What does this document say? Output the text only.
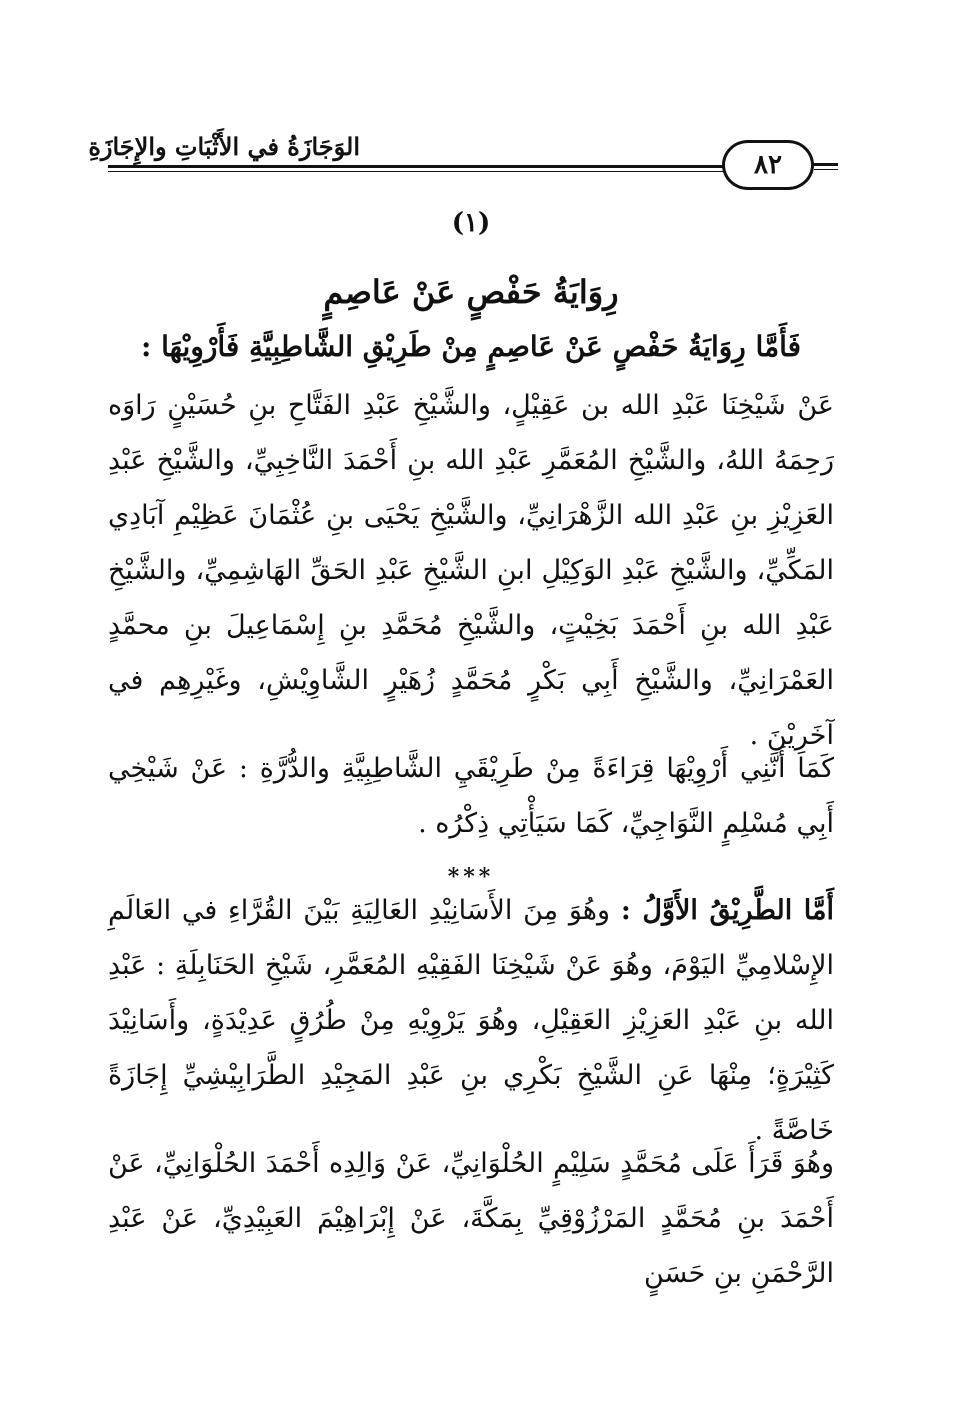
الوَجَازَةُ في الأَثْبَاتِ والإِجَازَةِ
٨٢
(١)
رِوَايَةُ حَفْصٍ عَنْ عَاصِمٍ
فَأَمَّا رِوَايَةُ حَفْصٍ عَنْ عَاصِمٍ مِنْ طَرِيْقِ الشَّاطِبِيَّةِ فَأَرْوِيْهَا :
عَنْ شَيْخِنَا عَبْدِ الله بن عَقِيْلٍ، والشَّيْخِ عَبْدِ الفَتَّاحِ بنِ حُسَيْنٍ رَاوَه رَحِمَهُ اللهُ، والشَّيْخِ المُعَمَّرِ عَبْدِ الله بنِ أَحْمَدَ النَّاخِبِيِّ، والشَّيْخِ عَبْدِ العَزِيْزِ بنِ عَبْدِ الله الزَّهْرَانِيِّ، والشَّيْخِ يَحْيَى بنِ عُثْمَانَ عَظِيْمِ آبَادِي المَكِّيِّ، والشَّيْخِ عَبْدِ الوَكِيْلِ ابنِ الشَّيْخِ عَبْدِ الحَقِّ الهَاشِمِيِّ، والشَّيْخِ عَبْدِ الله بنِ أَحْمَدَ بَخِيْتٍ، والشَّيْخِ مُحَمَّدِ بنِ إِسْمَاعِيلَ بنِ محمَّدٍ العَمْرَانِيِّ، والشَّيْخِ أَبِي بَكْرٍ مُحَمَّدٍ زُهَيْرٍ الشَّاوِيْشِ، وغَيْرِهِم في آخَرِيْنَ .
كَمَا أَنَّنِي أَرْوِيْهَا قِرَاءَةً مِنْ طَرِيْقَيِ الشَّاطِبِيَّةِ والدُّرَّةِ : عَنْ شَيْخِي أَبِي مُسْلِمٍ النَّوَاجِيِّ، كَمَا سَيَأْتِي ذِكْرُه .
***
أَمَّا الطَّرِيْقُ الأَوَّلُ : وهُوَ مِنَ الأَسَانِيْدِ العَالِيَةِ بَيْنَ القُرَّاءِ في العَالَمِ الإِسْلامِيِّ اليَوْمَ، وهُوَ عَنْ شَيْخِنَا الفَقِيْهِ المُعَمَّرِ، شَيْخِ الحَنَابِلَةِ : عَبْدِ الله بنِ عَبْدِ العَزِيْزِ العَقِيْلِ، وهُوَ يَرْوِيْهِ مِنْ طُرُقٍ عَدِيْدَةٍ، وأَسَانِيْدَ كَثِيْرَةٍ؛ مِنْهَا عَنِ الشَّيْخِ بَكْرِي بنِ عَبْدِ المَجِيْدِ الطَّرَابِيْشِيِّ إِجَازَةً خَاصَّةً .
وهُوَ قَرَأَ عَلَى مُحَمَّدٍ سَلِيْمٍ الحُلْوَانِيِّ، عَنْ وَالِدِه أَحْمَدَ الحُلْوَانِيِّ، عَنْ أَحْمَدَ بنِ مُحَمَّدٍ المَرْزُوْقِيِّ بِمَكَّةَ، عَنْ إِبْرَاهِيْمَ العَبِيْدِيِّ، عَنْ عَبْدِ الرَّحْمَنِ بنِ حَسَنٍ
